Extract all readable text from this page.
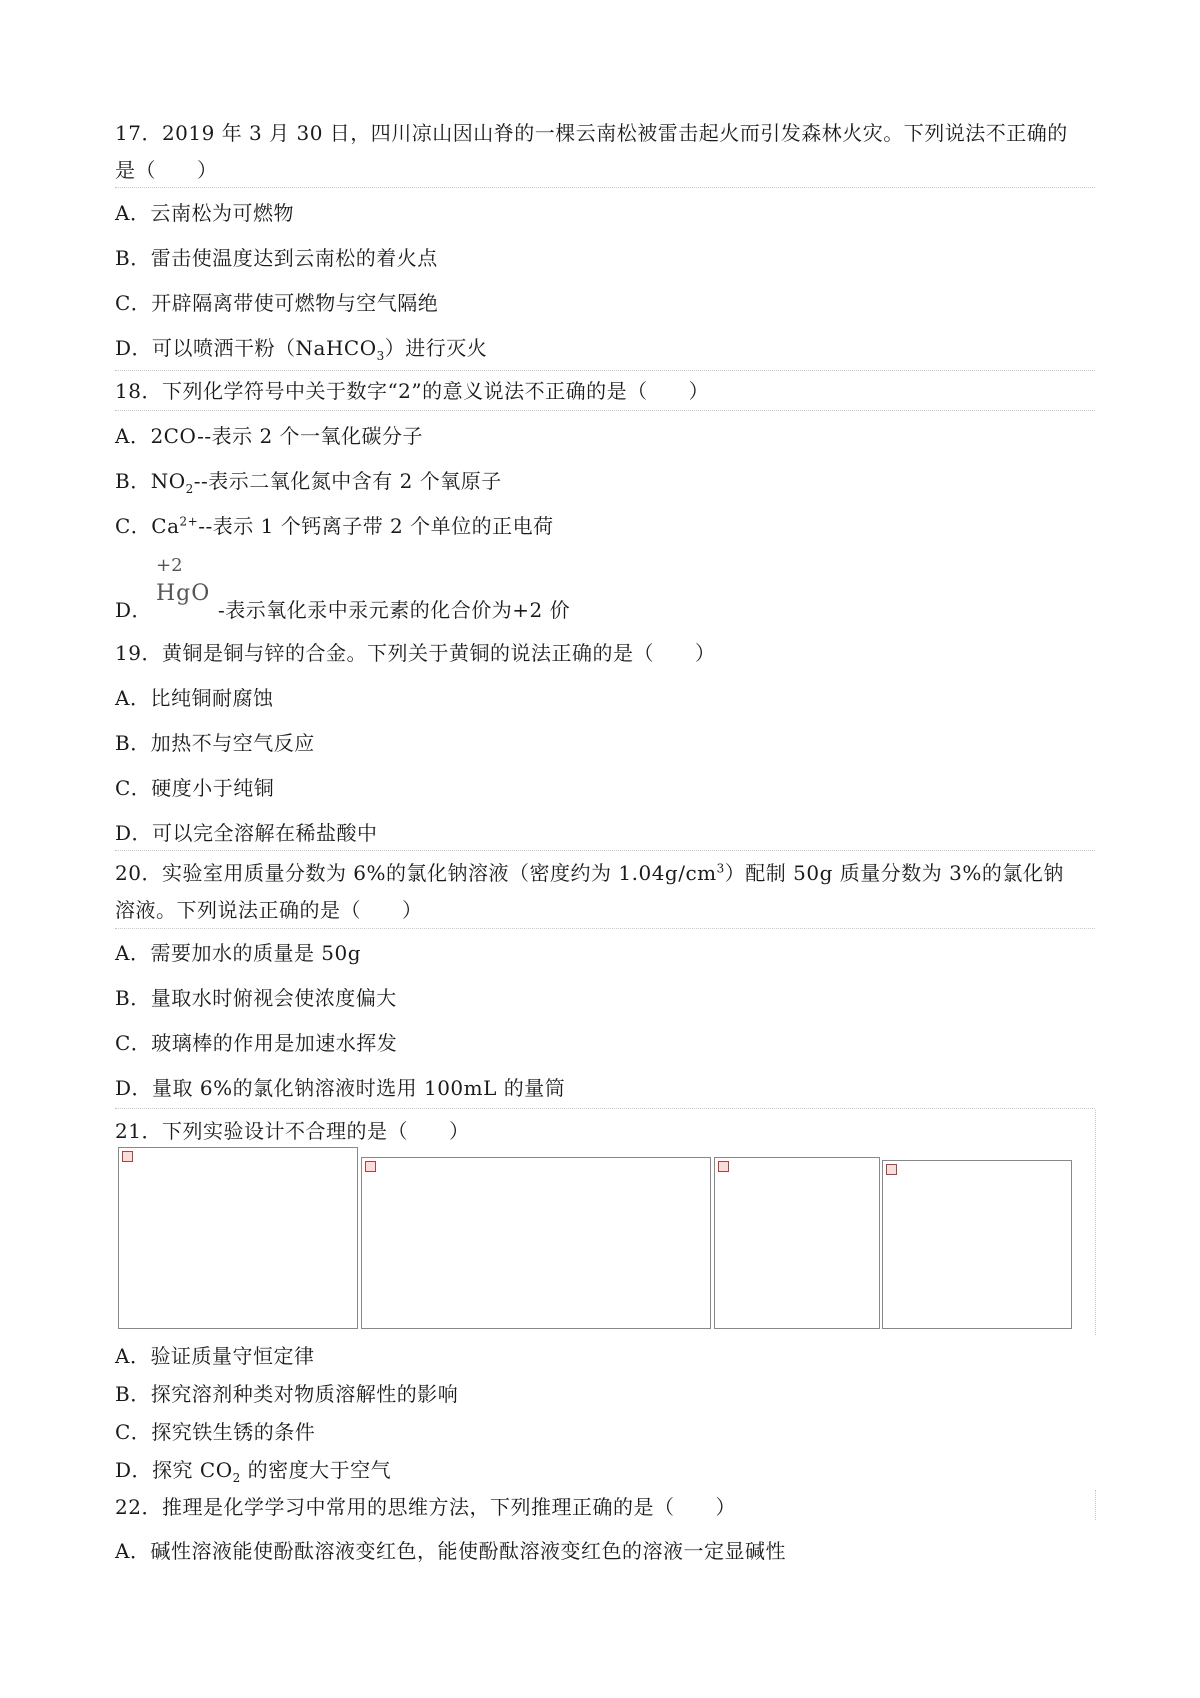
17．2019 年 3 月 30 日，四川凉山因山脊的一棵云南松被雷击起火而引发森林火灾。下列说法不正确的
是（　　）
A．云南松为可燃物
B．雷击使温度达到云南松的着火点
C．开辟隔离带使可燃物与空气隔绝
D．可以喷洒干粉（NaHCO$_3$）进行灭火
18．下列化学符号中关于数字“2”的意义说法不正确的是（　　）
A．2CO--表示 2 个一氧化碳分子
B．$NO_2--$表示二氧化氮中含有 2 个氧原子
C．$Ca^{2+}--$表示 1 个钙离子带 2 个单位的正电荷
D．
+2
HgO
-表示氧化汞中汞元素的化合价为+2 价
19．黄铜是铜与锌的合金。下列关于黄铜的说法正确的是（　　）
A．比纯铜耐腐蚀
B．加热不与空气反应
C．硬度小于纯铜
D．可以完全溶解在稀盐酸中
20．实验室用质量分数为 6%的氯化钠溶液（密度约为 $1.04g/cm^3$）配制 50g 质量分数为 3%的氯化钠
溶液。下列说法正确的是（　　）
A．需要加水的质量是 50g
B．量取水时俯视会使浓度偏大
C．玻璃棒的作用是加速水挥发
D．量取 6%的氯化钠溶液时选用 100mL 的量筒
21．下列实验设计不合理的是（　　）
A．验证质量守恒定律
B．探究溶剂种类对物质溶解性的影响
C．探究铁生锈的条件
D．探究 $CO_2$ 的密度大于空气
22．推理是化学学习中常用的思维方法，下列推理正确的是（　　）
A．碱性溶液能使酚酞溶液变红色，能使酚酞溶液变红色的溶液一定显碱性
